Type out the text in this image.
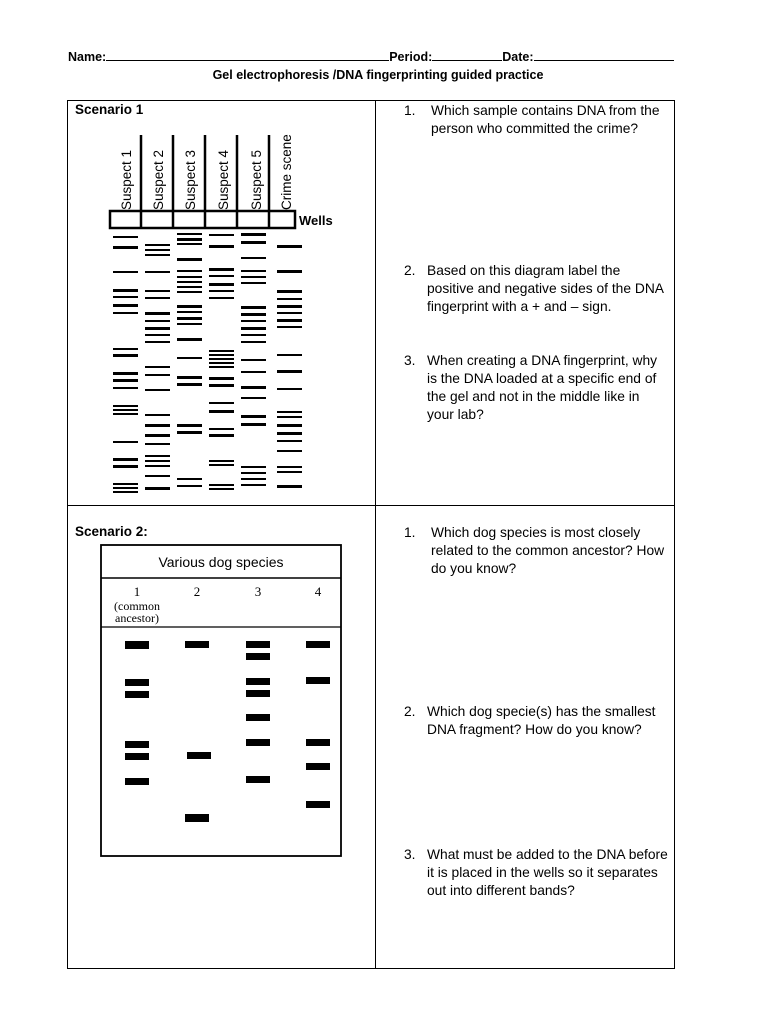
Name:	Period:	Date:
Gel electrophoresis /DNA fingerprinting guided practice
Scenario 1
Suspect 1 Suspect 2 Suspect 3 Suspect 4 Suspect 5 Crime scene
Wells
1. Which sample contains DNA from the person who committed the crime?
2. Based on this diagram label the positive and negative sides of the DNA fingerprint with a + and – sign.
3. When creating a DNA fingerprint, why is the DNA loaded at a specific end of the gel and not in the middle like in your lab?
Scenario 2:
Various dog species
1	2	3	4
(common
ancestor)
1. Which dog species is most closely related to the common ancestor? How do you know?
2. Which dog specie(s) has the smallest DNA fragment? How do you know?
3. What must be added to the DNA before it is placed in the wells so it separates out into different bands?
